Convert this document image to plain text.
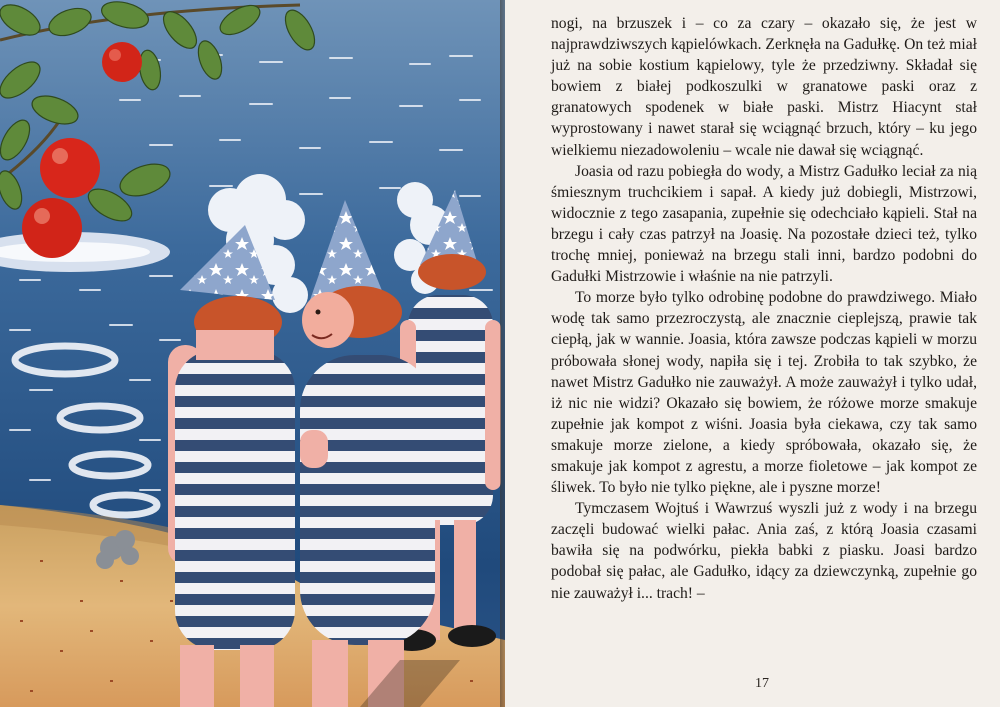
nogi, na brzuszek i – co za czary – okazało się, że jest w najprawdziwszych kąpielówkach. Zerknęła na Gadułkę. On też miał już na sobie kostium kąpielowy, tyle że przedziwny. Składał się bowiem z białej podkoszulki w granatowe paski oraz z granatowych spodenek w białe paski. Mistrz Hiacynt stał wyprostowany i nawet starał się wciągnąć brzuch, który – ku jego wielkiemu niezadowoleniu – wcale nie dawał się wciągnąć.

Joasia od razu pobiegła do wody, a Mistrz Gadułko leciał za nią śmiesznym truchcikiem i sapał. A kiedy już dobiegli, Mistrzowi, widocznie z tego zasapania, zupełnie się odechciało kąpieli. Stał na brzegu i cały czas patrzył na Joasię. Na pozostałe dzieci też, tylko trochę mniej, ponieważ na brzegu stali inni, bardzo podobni do Gadułki Mistrzowie i właśnie na nie patrzyli.

To morze było tylko odrobinę podobne do prawdziwego. Miało wodę tak samo przezroczystą, ale znacznie cieplejszą, prawie tak ciepłą, jak w wannie. Joasia, która zawsze podczas kąpieli w morzu próbowała słonej wody, napiła się i tej. Zrobiła to tak szybko, że nawet Mistrz Gadułko nie zauważył. A może zauważył i tylko udał, iż nic nie widzi? Okazało się bowiem, że różowe morze smakuje zupełnie jak kompot z wiśni. Joasia była ciekawa, czy tak samo smakuje morze zielone, a kiedy spróbowała, okazało się, że smakuje jak kompot z agrestu, a morze fioletowe – jak kompot ze śliwek. To było nie tylko piękne, ale i pyszne morze!

Tymczasem Wojtuś i Wawrzuś wyszli już z wody i na brzegu zaczęli budować wielki pałac. Ania zaś, z którą Joasia czasami bawiła się na podwórku, piekła babki z piasku. Joasi bardzo podobał się pałac, ale Gadułko, idący za dziewczynką, zupełnie go nie zauważył i... trach! –

17
